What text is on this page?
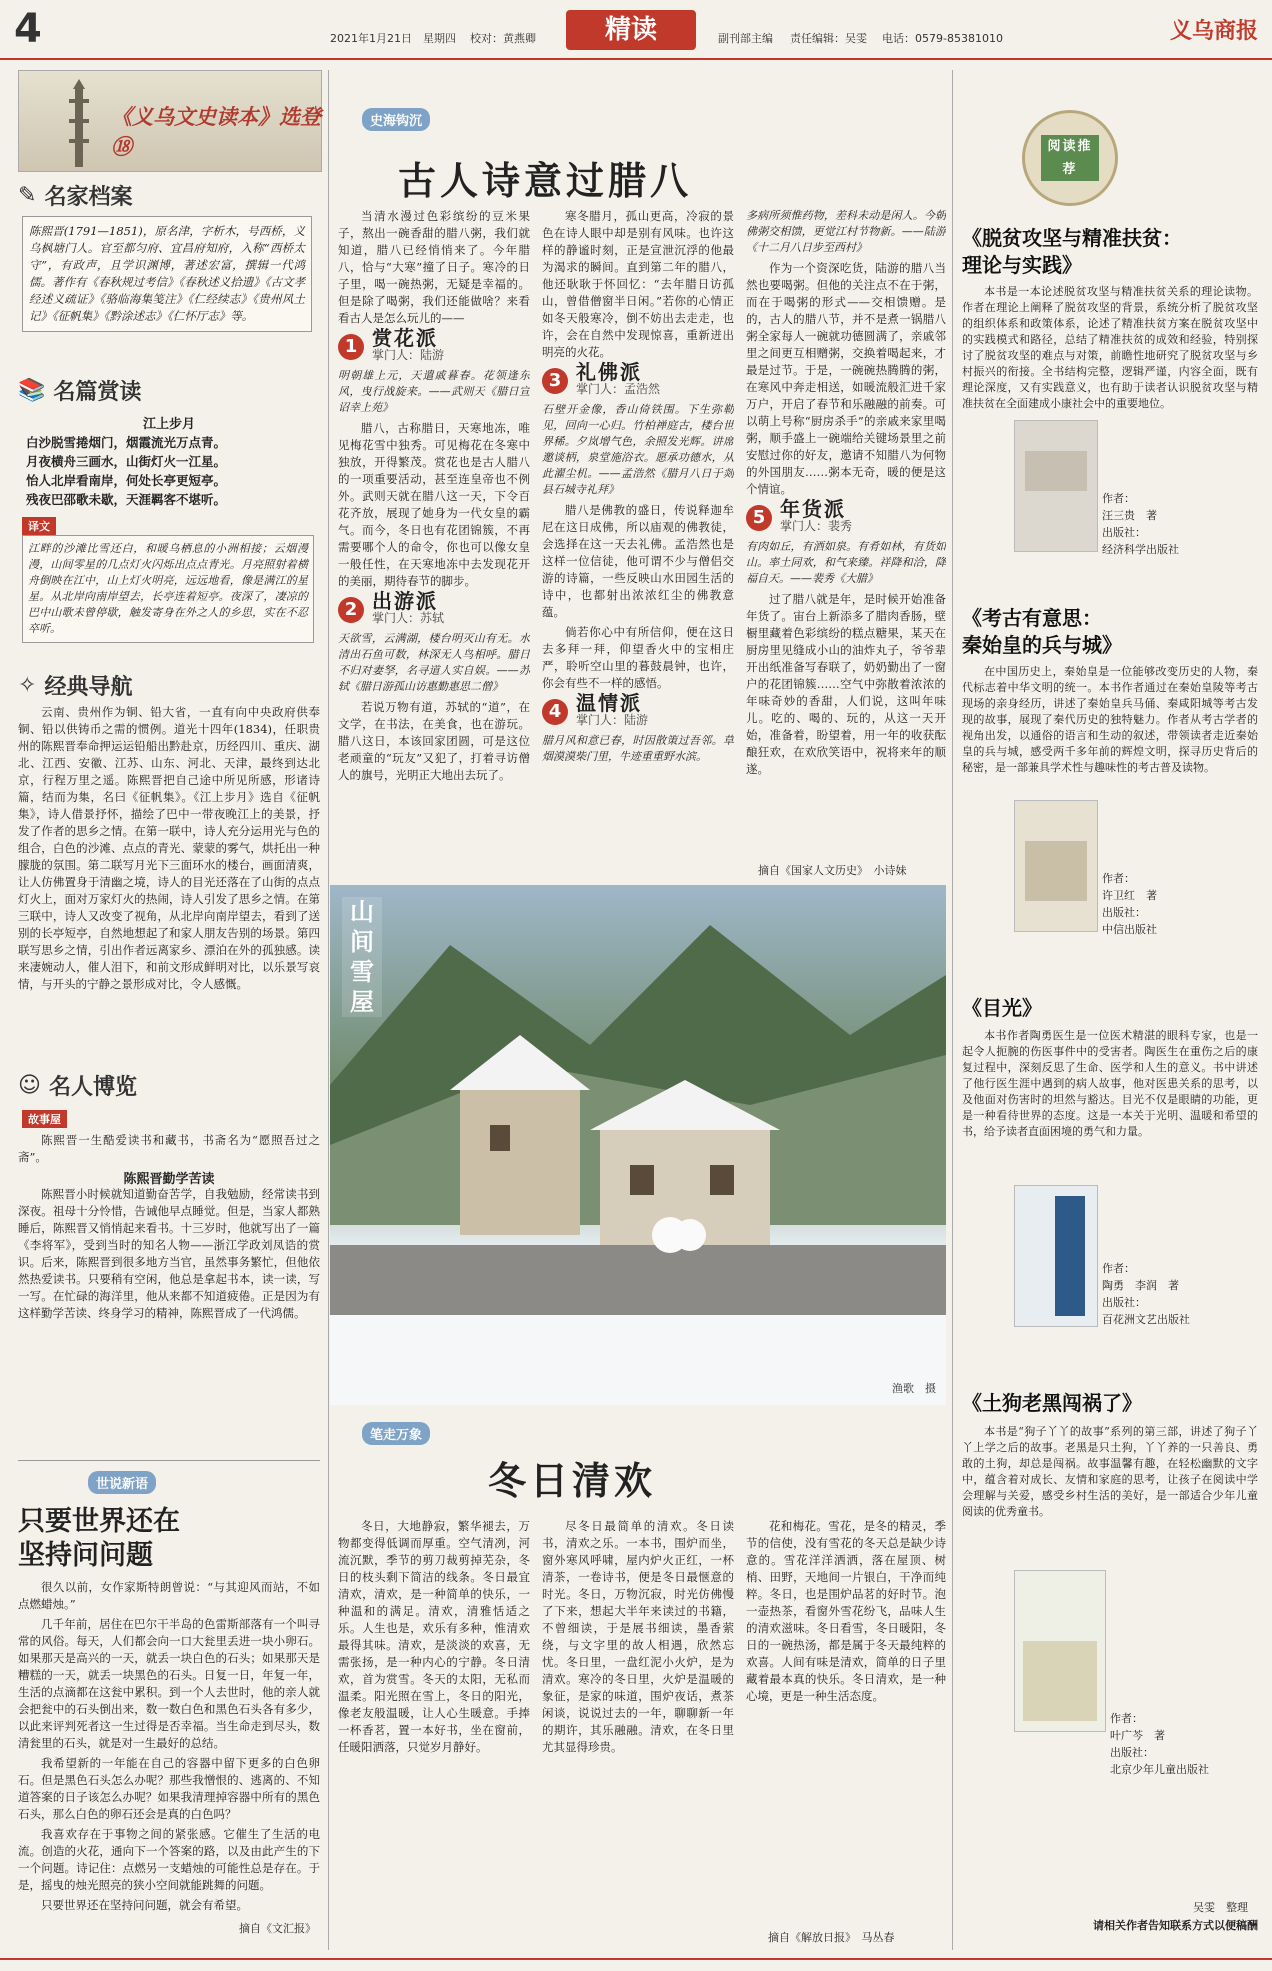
4	2021年1月21日　星期四 校对：黄燕卿	精读	副刊部主编 责任编辑：吴雯 电话：0579-85381010	义乌商报
《义乌文史读本》选登⑱
✎ 名家档案
陈熙晋(1791—1851)，原名津，字析木，号西桥，义乌枫塘门人。官至都匀府、宜昌府知府，入称“西桥太守”，有政声，且学识渊博，著述宏富，撰辑一代鸿儒。著作有《春秋规过考信》《春秋述义拾遗》《古文孝经述义疏证》《骆临海集笺注》《仁经续志》《贵州风土记》《征帆集》《黔涂述志》《仁怀厅志》等。
📚 名篇赏读
江上步月
白沙脱雪捲烟门，烟霞流光万点青。
月夜横舟三画水，山街灯火一江星。
怡人北岸看南岸，何处长亭更短亭。
残夜巴邵歌未歇，天涯羁客不堪听。
译文
江畔的沙滩比雪还白，和暖乌栖息的小洲相接；云烟漫漫，山间零星的几点灯火闪烁出点点青光。月亮照射着横舟倒映在江中，山上灯火明亮，远远地看，像是满江的星星。从北岸向南岸望去，长亭连着短亭。夜深了，凄凉的巴中山歌未曾停歇，触发寄身在外之人的乡思，实在不忍卒听。
✧ 经典导航

云南、贵州作为铜、铅大省，一直有向中央政府供奉铜、铅以供铸币之需的惯例。道光十四年(1834)，任职贵州的陈熙晋奉命押运运铅船出黔赴京，历经四川、重庆、湖北、江西、安徽、江苏、山东、河北、天津，最终到达北京，行程万里之遥。陈熙晋把自己途中所见所感，形诸诗篇，结而为集，名曰《征帆集》。《江上步月》选自《征帆集》，诗人借景抒怀，描绘了巴中一带夜晚江上的美景，抒发了作者的思乡之情。在第一联中，诗人充分运用光与色的组合，白色的沙滩、点点的青光、蒙蒙的雾气，烘托出一种朦胧的氛围。第二联写月光下三面环水的楼台，画面清爽，让人仿佛置身于清幽之境，诗人的目光还落在了山街的点点灯火上，面对万家灯火的热闹，诗人引发了思乡之情。在第三联中，诗人又改变了视角，从北岸向南岸望去，看到了送别的长亭短亭，自然地想起了和家人朋友告别的场景。第四联写思乡之情，引出作者远离家乡、漂泊在外的孤独感。读来凄婉动人，催人泪下，和前文形成鲜明对比，以乐景写哀情，与开头的宁静之景形成对比，令人感慨。

☺ 名人博览
故事屋

陈熙晋一生酷爱读书和藏书，书斋名为“愿照吾过之斋”。

陈熙晋勤学苦读

陈熙晋小时候就知道勤奋苦学，自我勉励，经常读书到深夜。祖母十分怜惜，告诫他早点睡觉。但是，当家人都熟睡后，陈熙晋又悄悄起来看书。十三岁时，他就写出了一篇《李将军》，受到当时的知名人物——浙江学政刘凤诰的赏识。后来，陈熙晋到很多地方当官，虽然事务繁忙，但他依然热爱读书。只要稍有空闲，他总是拿起书本，读一读，写一写。在忙碌的海洋里，他从来都不知道疲倦。正是因为有这样勤学苦读、终身学习的精神，陈熙晋成了一代鸿儒。

世说新语
只要世界还在
坚持问问题

很久以前，女作家斯特朗曾说：“与其迎风而站，不如点燃蜡烛。”

几千年前，居住在巴尔干半岛的色雷斯部落有一个叫寻常的风俗。每天，人们都会向一口大瓮里丢进一块小卵石。如果那天是高兴的一天，就丢一块白色的石头；如果那天是糟糕的一天，就丢一块黑色的石头。日复一日，年复一年，生活的点滴都在这瓮中累积。到一个人去世时，他的亲人就会把瓮中的石头倒出来，数一数白色和黑色石头各有多少，以此来评判死者这一生过得是否幸福。当生命走到尽头，数清瓮里的石头，就是对一生最好的总结。

我希望新的一年能在自己的容器中留下更多的白色卵石。但是黑色石头怎么办呢？那些我憎恨的、逃离的、不知道答案的日子该怎么办呢？如果我清理掉容器中所有的黑色石头，那么白色的卵石还会是真的白色吗？

我喜欢存在于事物之间的紧张感。它催生了生活的电流。创造的火花，通向下一个答案的路，以及由此产生的下一个问题。诗记住：点燃另一支蜡烛的可能性总是存在。于是，摇曳的烛光照亮的狭小空间就能跳舞的问题。

只要世界还在坚持问问题，就会有希望。

摘自《文汇报》
史海钩沉
古人诗意过腊八

当清水漫过色彩缤纷的豆米果子，熬出一碗香甜的腊八粥，我们就知道，腊八已经悄悄来了。今年腊八，恰与“大寒”撞了日子。寒冷的日子里，喝一碗热粥，无疑是幸福的。但是除了喝粥，我们还能做啥？来看看古人是怎么玩儿的——

1 赏花派
掌门人：陆游

明朝雄上元，天遣戚暮春。花领逢东风，曳行战旋来。——武则天《腊日宣诏幸上苑》

腊八，古称腊日，天寒地冻，唯见梅花雪中独秀。可见梅花在冬寒中独放，开得繁茂。赏花也是古人腊八的一项重要活动，甚至连皇帝也不例外。武则天就在腊八这一天，下令百花齐放，展现了她身为一代女皇的霸气。而今，冬日也有花团锦簇，不再需要哪个人的命令，你也可以像女皇一般任性，在天寒地冻中去发现花开的美丽，期待春节的脚步。

2 出游派
掌门人：苏轼

天欲雪，云满湖，楼台明灭山有无。水清出石鱼可数，林深无人鸟相呼。腊日不归对妻孥，名寻道人实自娱。——苏轼《腊日游孤山访惠勤惠思二僧》

若说万物有道，苏轼的“道”，在文学，在书法，在美食，也在游玩。腊八这日，本该回家团圆，可是这位老顽童的“玩友”又犯了，打着寻访僧人的旗号，光明正大地出去玩了。

寒冬腊月，孤山更高，冷寂的景色在诗人眼中却是别有风味。也许这样的静谧时刻，正是宣泄沉浮的他最为渴求的瞬间。直到第二年的腊八，他还耿耿于怀回忆：“去年腊日访孤山，曾借僧窗半日闲。”若你的心情正如冬天般寒冷，倒不妨出去走走，也许，会在自然中发现惊喜，重新迸出明亮的火花。

3 礼佛派
掌门人：孟浩然

石壁开金像，香山倚铁围。下生弥勒见，回向一心归。竹柏禅庭古，楼台世界稀。夕岚增气色，余照发光辉。讲席邀谈柄，泉堂施浴衣。愿承功德水，从此濯尘机。——孟浩然《腊月八日于剡县石城寺礼拜》

腊八是佛教的盛日，传说释迦牟尼在这日成佛，所以庙观的佛教徒，会选择在这一天去礼佛。孟浩然也是这样一位信徒，他可谓不少与僧侣交游的诗篇，一些反映山水田园生活的诗中，也都射出浓浓红尘的佛教意蕴。

倘若你心中有所信仰，便在这日去多拜一拜，仰望香火中的宝相庄严，聆听空山里的暮鼓晨钟，也许，你会有些不一样的感悟。

4 温情派
掌门人：陆游

腊月风和意已春，时因散策过吾邻。草烟漠漠柴门里，牛迹重重野水滨。

多病所须惟药物，差科未动是闲人。今朝佛粥交相馈，更觉江村节物新。——陆游《十二月八日步至西村》

作为一个资深吃货，陆游的腊八当然也要喝粥。但他的关注点不在于粥，而在于喝粥的形式——交相馈赠。是的，古人的腊八节，并不是煮一锅腊八粥全家每人一碗就功德圆满了，亲戚邻里之间更互相赠粥，交换着喝起来，才最是过节。于是，一碗碗热腾腾的粥，在寒风中奔走相送，如暖流般汇进千家万户，开启了春节和乐融融的前奏。可以萌上号称“厨房杀手”的亲戚来家里喝粥，顺手盛上一碗端给关键场景里之前安慰过你的好友，邀请不知腊八为何物的外国朋友……粥本无奇，暖的便是这个情谊。

5 年货派
掌门人：裴秀

有肉如丘，有酒如泉。有肴如林，有货如山。率土同欢，和气来臻。祥降和洽，降福自天。——裴秀《大腊》

过了腊八就是年，是时候开始准备年货了。宙台上新添多了腊肉香肠，壁橱里藏着色彩缤纷的糕点糖果，某天在厨房里见缝成小山的油炸丸子，爷爷辈开出纸准备写春联了，奶奶勤出了一窗户的花团锦簇……空气中弥散着浓浓的年味奇妙的香甜，人们说，这叫年味儿。吃的、喝的、玩的，从这一天开始，准备着，盼望着，用一年的收获酝酿狂欢，在欢欣笑语中，祝将来年的顺遂。

摘自《国家人文历史》　小诗妹
山间雪屋
渔歌　摄
笔走万象
冬日清欢

冬日，大地静寂，繁华褪去，万物都变得低调而厚重。空气清冽，河流沉默，季节的剪刀裁剪掉芜杂，冬日的枝头剩下简洁的线条。冬日最宜清欢，清欢，是一种简单的快乐，一种温和的满足。清欢，清雅恬适之乐。人生也是，欢乐有多种，惟清欢最得其味。清欢，是淡淡的欢喜，无需张扬，是一种内心的宁静。冬日清欢，首为赏雪。冬天的太阳，无私而温柔。阳光照在雪上，冬日的阳光，像老友般温暖，让人心生暖意。手捧一杯香茗，置一本好书，坐在窗前，任暖阳洒落，只觉岁月静好。

尽冬日最简单的清欢。冬日读书，清欢之乐。一本书，围炉而坐，窗外寒风呼啸，屋内炉火正红，一杯清茶，一卷诗书，便是冬日最惬意的时光。冬日，万物沉寂，时光仿佛慢了下来，想起大半年来读过的书籍，不曾细读，于是展书细读，墨香萦绕，与文字里的故人相遇，欣然忘忧。冬日里，一盘红泥小火炉，是为清欢。寒冷的冬日里，火炉是温暖的象征，是家的味道，围炉夜话，煮茶闲谈，说说过去的一年，聊聊新一年的期许，其乐融融。清欢，在冬日里尤其显得珍贵。

花和梅花。雪花，是冬的精灵，季节的信使，没有雪花的冬天总是缺少诗意的。雪花洋洋洒洒，落在屋顶、树梢、田野，天地间一片银白，干净而纯粹。冬日，也是围炉品茗的好时节。泡一壶热茶，看窗外雪花纷飞，品味人生的清欢滋味。冬日看雪，冬日暖阳，冬日的一碗热汤，都是属于冬天最纯粹的欢喜。人间有味是清欢，简单的日子里藏着最本真的快乐。冬日清欢，是一种心境，更是一种生活态度。

摘自《解放日报》　马丛春
阅读推荐
《脱贫攻坚与精准扶贫：
理论与实践》

本书是一本论述脱贫攻坚与精准扶贫关系的理论读物。作者在理论上阐释了脱贫攻坚的背景，系统分析了脱贫攻坚的组织体系和政策体系，论述了精准扶贫方案在脱贫攻坚中的实践模式和路径，总结了精准扶贫的成效和经验，特别探讨了脱贫攻坚的难点与对策，前瞻性地研究了脱贫攻坚与乡村振兴的衔接。全书结构完整，逻辑严谨，内容全面，既有理论深度，又有实践意义，也有助于读者认识脱贫攻坚与精准扶贫在全面建成小康社会中的重要地位。

作者：
汪三贵　著
出版社：
经济科学出版社
《考古有意思：
秦始皇的兵与城》

在中国历史上，秦始皇是一位能够改变历史的人物，秦代标志着中华文明的统一。本书作者通过在秦始皇陵等考古现场的亲身经历，讲述了秦始皇兵马俑、秦咸阳城等考古发现的故事，展现了秦代历史的独特魅力。作者从考古学者的视角出发，以通俗的语言和生动的叙述，带领读者走近秦始皇的兵与城，感受两千多年前的辉煌文明，探寻历史背后的秘密，是一部兼具学术性与趣味性的考古普及读物。

作者：
许卫红　著
出版社：
中信出版社
《目光》

本书作者陶勇医生是一位医术精湛的眼科专家，也是一起令人扼腕的伤医事件中的受害者。陶医生在重伤之后的康复过程中，深刻反思了生命、医学和人生的意义。书中讲述了他行医生涯中遇到的病人故事，他对医患关系的思考，以及他面对伤害时的坦然与豁达。目光不仅是眼睛的功能，更是一种看待世界的态度。这是一本关于光明、温暖和希望的书，给予读者直面困境的勇气和力量。

作者：
陶勇　李润　著
出版社：
百花洲文艺出版社
《土狗老黑闯祸了》

本书是“狗子丫丫的故事”系列的第三部，讲述了狗子丫丫上学之后的故事。老黑是只土狗，丫丫养的一只善良、勇敢的土狗，却总是闯祸。故事温馨有趣，在轻松幽默的文字中，蕴含着对成长、友情和家庭的思考，让孩子在阅读中学会理解与关爱，感受乡村生活的美好，是一部适合少年儿童阅读的优秀童书。

作者：
叶广芩　著
出版社：
北京少年儿童出版社
吴雯　整理
请相关作者告知联系方式以便稿酬
